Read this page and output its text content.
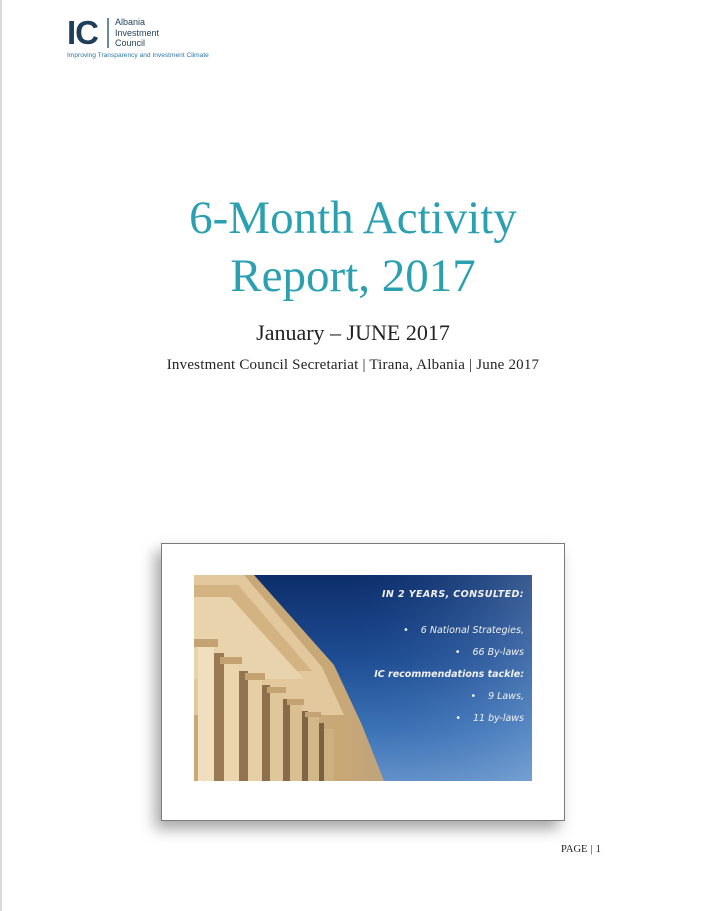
IC Albania
Investment
Council
Improving Transparency and Investment Climate
6-Month Activity
Report, 2017
January – JUNE 2017
Investment Council Secretariat | Tirana, Albania | June 2017
IN 2 YEARS, CONSULTED:
• 6 National Strategies,
• 66 By-laws
IC recommendations tackle:
• 9 Laws,
• 11 by-laws
PAGE | 1
